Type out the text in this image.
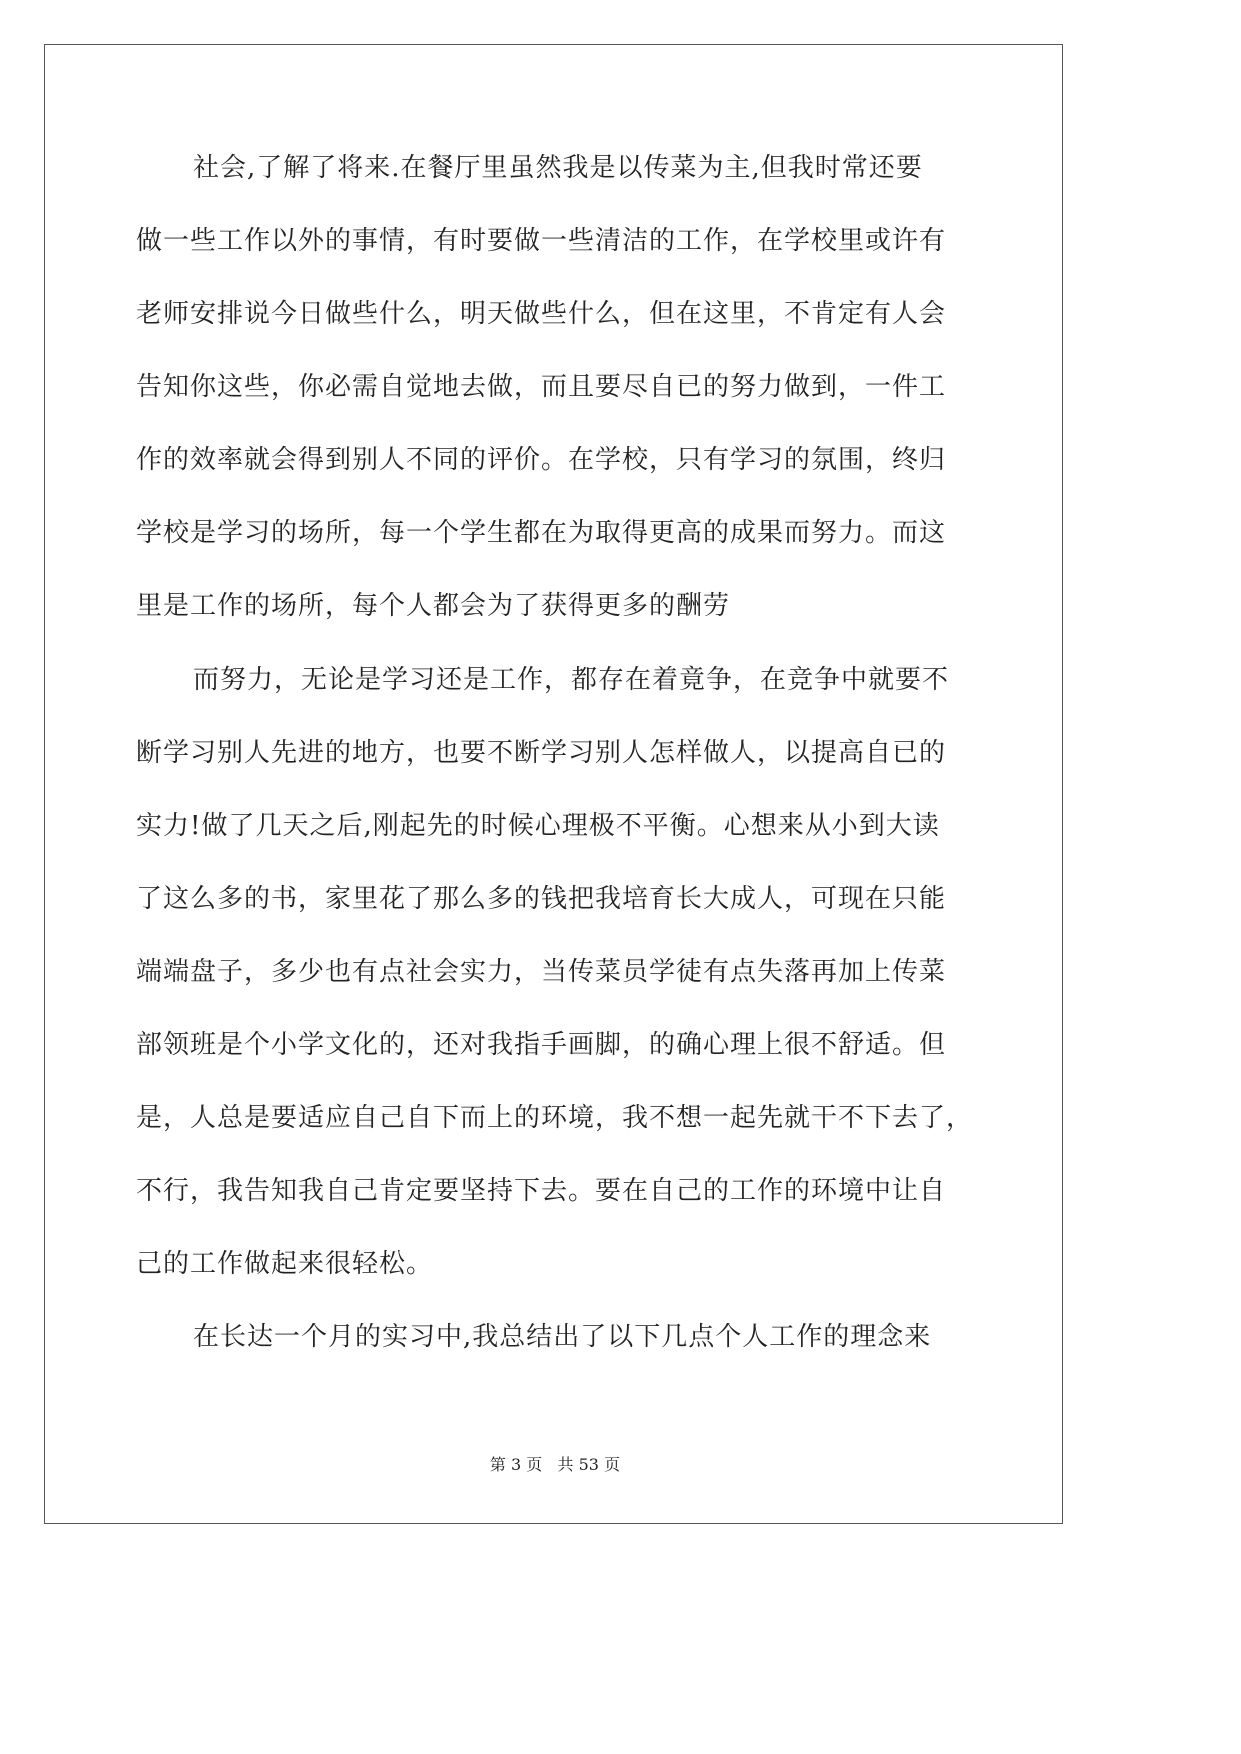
社会,了解了将来.在餐厅里虽然我是以传菜为主,但我时常还要

做一些工作以外的事情，有时要做一些清洁的工作，在学校里或许有

老师安排说今日做些什么，明天做些什么，但在这里，不肯定有人会

告知你这些，你必需自觉地去做，而且要尽自已的努力做到，一件工

作的效率就会得到别人不同的评价。在学校，只有学习的氛围，终归

学校是学习的场所，每一个学生都在为取得更高的成果而努力。而这

里是工作的场所，每个人都会为了获得更多的酬劳

而努力，无论是学习还是工作，都存在着竟争，在竞争中就要不

断学习别人先进的地方，也要不断学习别人怎样做人，以提高自已的

实力!做了几天之后,刚起先的时候心理极不平衡。心想来从小到大读

了这么多的书，家里花了那么多的钱把我培育长大成人，可现在只能

端端盘子，多少也有点社会实力，当传菜员学徒有点失落再加上传菜

部领班是个小学文化的，还对我指手画脚，的确心理上很不舒适。但

是，人总是要适应自己自下而上的环境，我不想一起先就干不下去了，

不行，我告知我自己肯定要坚持下去。要在自己的工作的环境中让自

己的工作做起来很轻松。

在长达一个月的实习中,我总结出了以下几点个人工作的理念来

第 3 页 共 53 页
